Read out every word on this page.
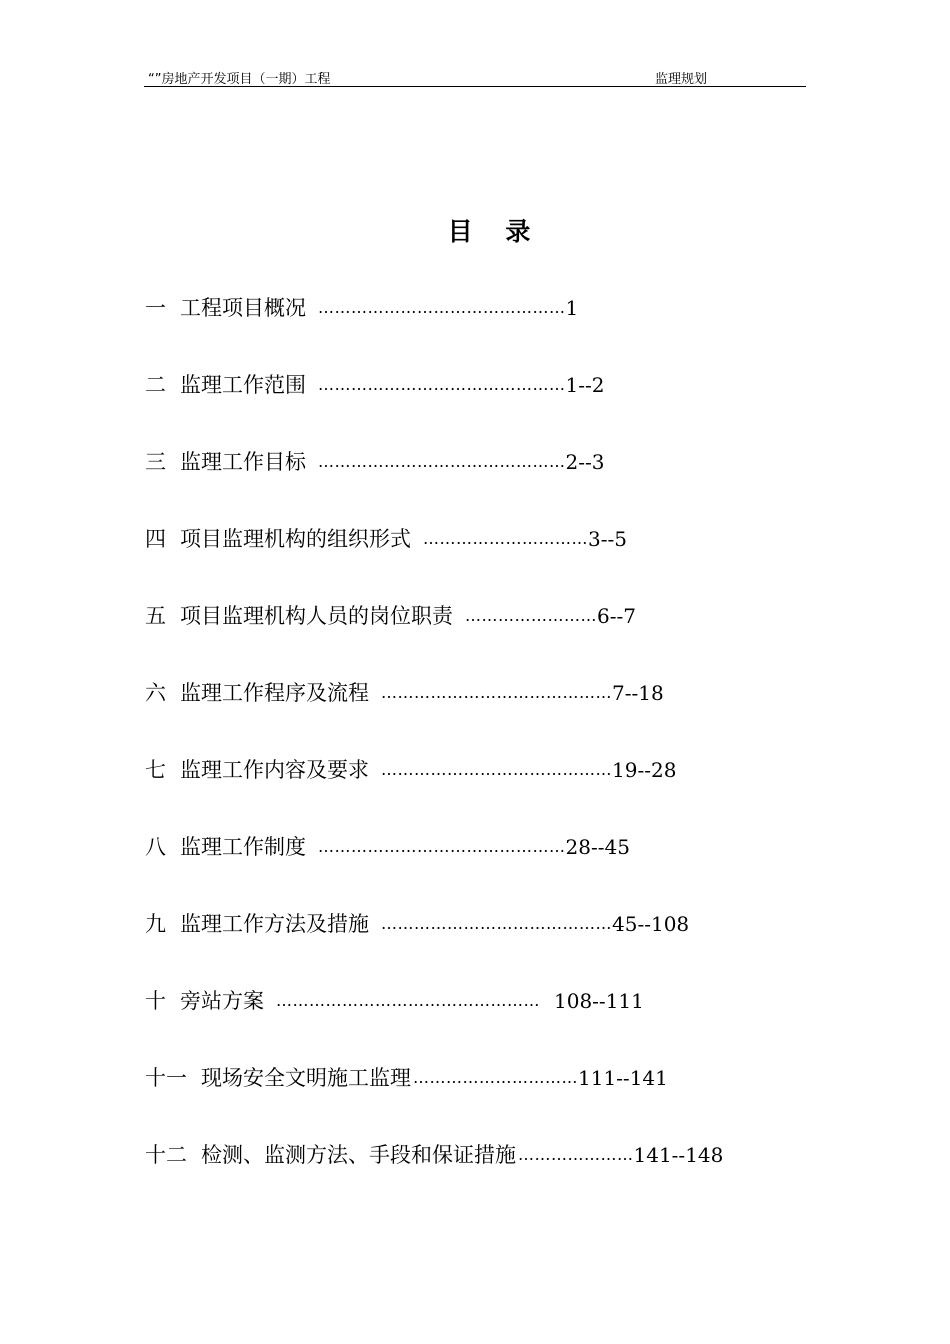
“”房地产开发项目（一期）工程	监理规划
目 录
一 工程项目概况 ……………………………………… 1
二 监理工作范围 ……………………………………… 1--2
三 监理工作目标 ……………………………………… 2--3
四 项目监理机构的组织形式 ………………………… 3--5
五 项目监理机构人员的岗位职责 …………………… 6--7
六 监理工作程序及流程 …………………………………… 7--18
七 监理工作内容及要求 …………………………………… 19--28
八 监理工作制度 ……………………………………… 28--45
九 监理工作方法及措施 …………………………………… 45--108
十 旁站方案 ………………………………………… 108--111
十一 现场安全文明施工监理 ………………………… 111--141
十二 检测、监测方法、手段和保证措施 ………………… 141--148
